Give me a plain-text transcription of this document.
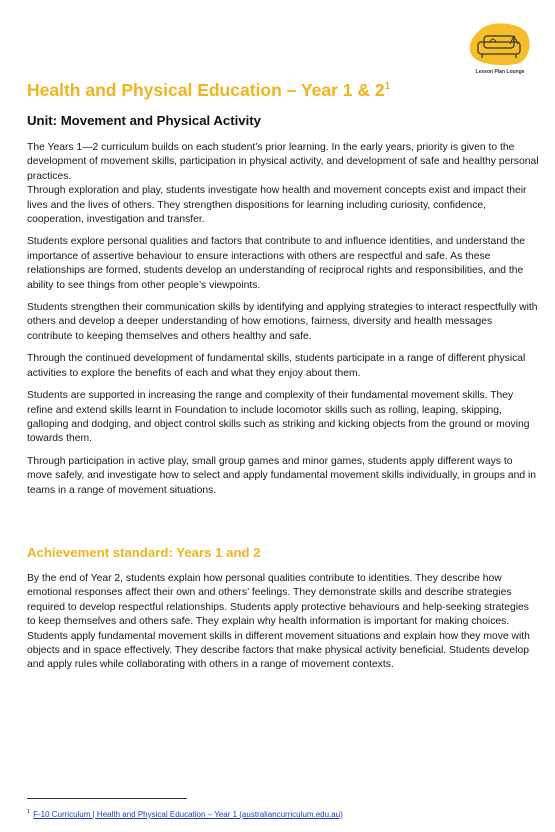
Lesson Plan Lounge
Health and Physical Education – Year 1 & $2^1$
Unit: Movement and Physical Activity

The Years 1—2 curriculum builds on each student’s prior learning. In the early years, priority is given to the development of movement skills, participation in physical activity, and development of safe and healthy personal practices.

Through exploration and play, students investigate how health and movement concepts exist and impact their lives and the lives of others. They strengthen dispositions for learning including curiosity, confidence, cooperation, investigation and transfer.

Students explore personal qualities and factors that contribute to and influence identities, and understand the importance of assertive behaviour to ensure interactions with others are respectful and safe. As these relationships are formed, students develop an understanding of reciprocal rights and responsibilities, and the ability to see things from other people’s viewpoints.

Students strengthen their communication skills by identifying and applying strategies to interact respectfully with others and develop a deeper understanding of how emotions, fairness, diversity and health messages contribute to keeping themselves and others healthy and safe.

Through the continued development of fundamental skills, students participate in a range of different physical activities to explore the benefits of each and what they enjoy about them.

Students are supported in increasing the range and complexity of their fundamental movement skills. They refine and extend skills learnt in Foundation to include locomotor skills such as rolling, leaping, skipping, galloping and dodging, and object control skills such as striking and kicking objects from the ground or moving towards them.

Through participation in active play, small group games and minor games, students apply different ways to move safely, and investigate how to select and apply fundamental movement skills individually, in groups and in teams in a range of movement situations.

Achievement standard: Years 1 and 2

By the end of Year 2, students explain how personal qualities contribute to identities. They describe how emotional responses affect their own and others’ feelings. They demonstrate skills and describe strategies required to develop respectful relationships. Students apply protective behaviours and help-seeking strategies to keep themselves and others safe. They explain why health information is important for making choices. Students apply fundamental movement skills in different movement situations and explain how they move with objects and in space effectively. They describe factors that make physical activity beneficial. Students develop and apply rules while collaborating with others in a range of movement contexts.

$^1$ F-10 Curriculum | Health and Physical Education – Year 1 (australiancurriculum.edu.au)
